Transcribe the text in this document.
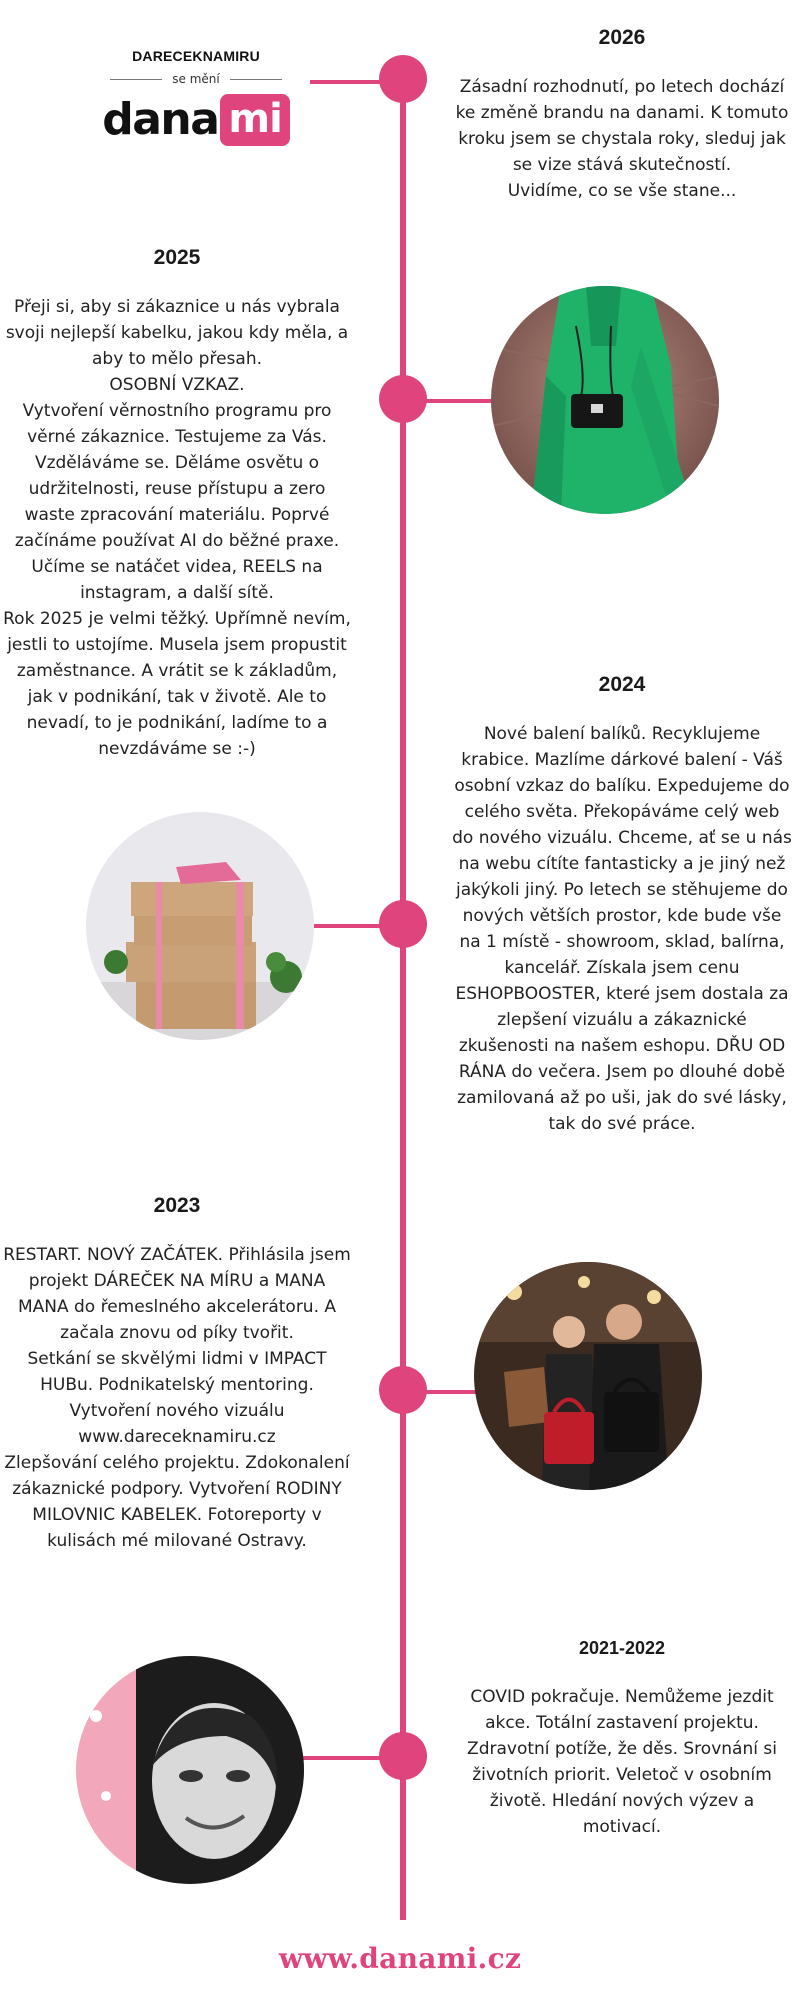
DARECEKNAMIRU
se mění
dana mi
2026
Zásadní rozhodnutí, po letech dochází ke změně brandu na danami. K tomuto kroku jsem se chystala roky, sleduj jak se vize stává skutečností.
Uvidíme, co se vše stane...
2025
Přeji si, aby si zákaznice u nás vybrala svoji nejlepší kabelku, jakou kdy měla, a aby to mělo přesah.
OSOBNÍ VZKAZ.
Vytvoření věrnostního programu pro věrné zákaznice. Testujeme za Vás. Vzděláváme se. Děláme osvětu o udržitelnosti, reuse přístupu a zero waste zpracování materiálu. Poprvé začínáme používat AI do běžné praxe. Učíme se natáčet videa, REELS na instagram, a další sítě.
Rok 2025 je velmi těžký. Upřímně nevím, jestli to ustojíme. Musela jsem propustit zaměstnance. A vrátit se k základům, jak v podnikání, tak v životě. Ale to nevadí, to je podnikání, ladíme to a nevzdáváme se :-)
2024
Nové balení balíků. Recyklujeme krabice. Mazlíme dárkové balení - Váš osobní vzkaz do balíku. Expedujeme do celého světa. Překopáváme celý web do nového vizuálu. Chceme, ať se u nás na webu cítíte fantasticky a je jiný než jakýkoli jiný. Po letech se stěhujeme do nových větších prostor, kde bude vše na 1 místě - showroom, sklad, balírna, kancelář. Získala jsem cenu ESHOPBOOSTER, které jsem dostala za zlepšení vizuálu a zákaznické zkušenosti na našem eshopu. DŘU OD RÁNA do večera. Jsem po dlouhé době zamilovaná až po uši, jak do své lásky, tak do své práce.
2023
RESTART. NOVÝ ZAČÁTEK. Přihlásila jsem projekt DÁREČEK NA MÍRU a MANA MANA do řemeslného akcelerátoru. A začala znovu od píky tvořit.
Setkání se skvělými lidmi v IMPACT HUBu. Podnikatelský mentoring. Vytvoření nového vizuálu www.dareceknamiru.cz
Zlepšování celého projektu. Zdokonalení zákaznické podpory. Vytvoření RODINY MILOVNIC KABELEK. Fotoreporty v kulisách mé milované Ostravy.
2021-2022
COVID pokračuje. Nemůžeme jezdit akce. Totální zastavení projektu. Zdravotní potíže, že děs. Srovnání si životních priorit. Veletoč v osobním životě. Hledání nových výzev a motivací.
www.danami.cz
